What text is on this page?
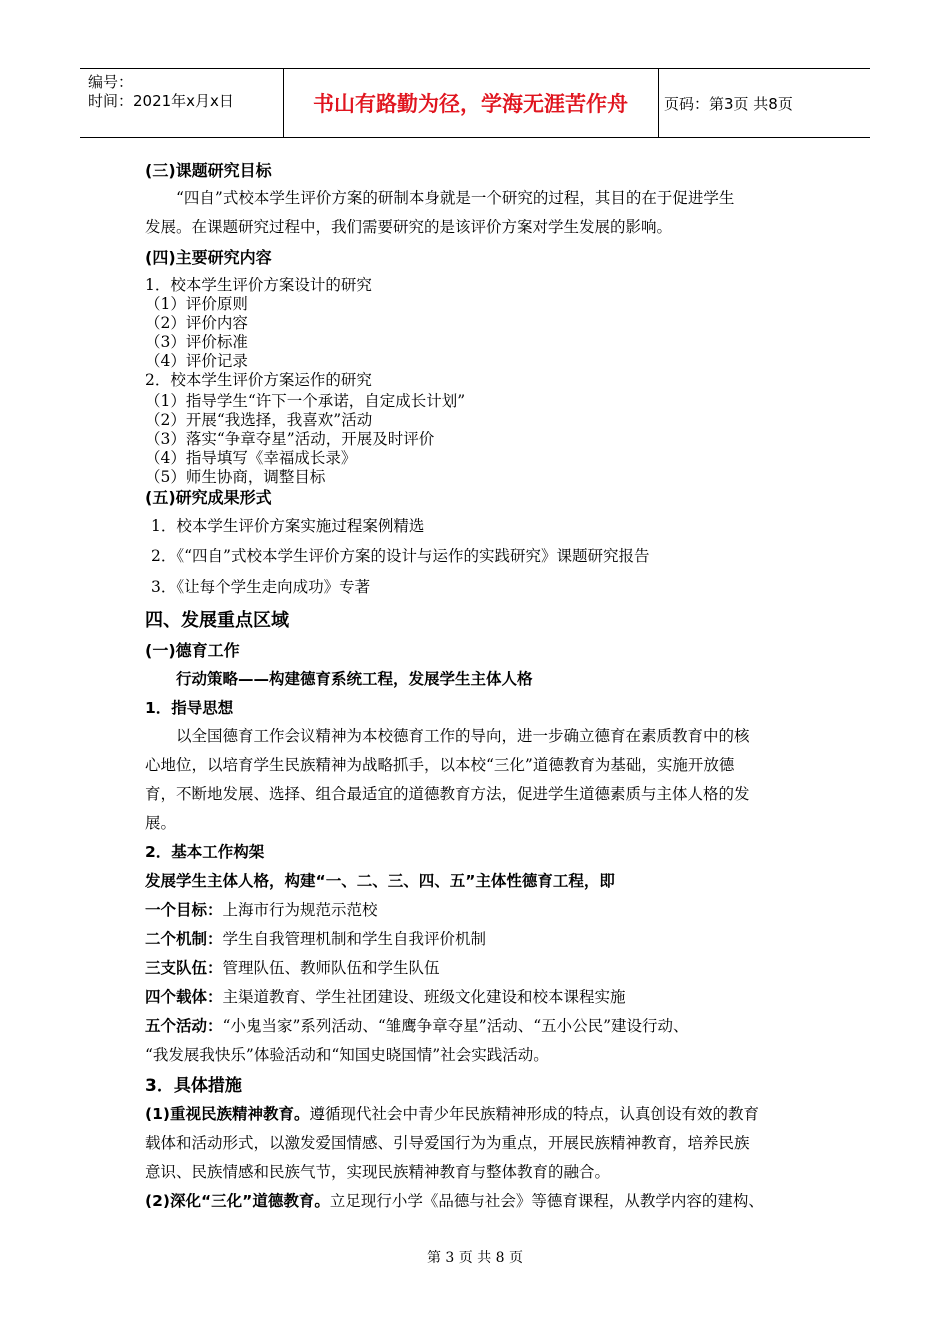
编号：
时间：2021年x月x日	书山有路勤为径，学海无涯苦作舟	页码：第3页 共8页
(三)课题研究目标
“四自”式校本学生评价方案的研制本身就是一个研究的过程，其目的在于促进学生
发展。在课题研究过程中，我们需要研究的是该评价方案对学生发展的影响。
(四)主要研究内容
1．校本学生评价方案设计的研究
（1）评价原则
（2）评价内容
（3）评价标准
（4）评价记录
2．校本学生评价方案运作的研究
（1）指导学生“许下一个承诺，自定成长计划”
（2）开展“我选择，我喜欢”活动
（3）落实“争章夺星”活动，开展及时评价
（4）指导填写《幸福成长录》
（5）师生协商，调整目标
(五)研究成果形式
1．校本学生评价方案实施过程案例精选
2．《“四自”式校本学生评价方案的设计与运作的实践研究》课题研究报告
3．《让每个学生走向成功》专著
四、发展重点区域
(一)德育工作
行动策略——构建德育系统工程，发展学生主体人格
1．指导思想
以全国德育工作会议精神为本校德育工作的导向，进一步确立德育在素质教育中的核
心地位，以培育学生民族精神为战略抓手，以本校“三化”道德教育为基础，实施开放德
育，不断地发展、选择、组合最适宜的道德教育方法，促进学生道德素质与主体人格的发
展。
2．基本工作构架
发展学生主体人格，构建“一、二、三、四、五”主体性德育工程，即
一个目标：上海市行为规范示范校
二个机制：学生自我管理机制和学生自我评价机制
三支队伍：管理队伍、教师队伍和学生队伍
四个载体：主渠道教育、学生社团建设、班级文化建设和校本课程实施
五个活动：“小鬼当家”系列活动、“雏鹰争章夺星”活动、“五小公民”建设行动、
“我发展我快乐”体验活动和“知国史晓国情”社会实践活动。
3．具体措施
(1)重视民族精神教育。遵循现代社会中青少年民族精神形成的特点，认真创设有效的教育
载体和活动形式，以激发爱国情感、引导爱国行为为重点，开展民族精神教育，培养民族
意识、民族情感和民族气节，实现民族精神教育与整体教育的融合。
(2)深化“三化”道德教育。立足现行小学《品德与社会》等德育课程，从教学内容的建构、
第 3 页 共 8 页
